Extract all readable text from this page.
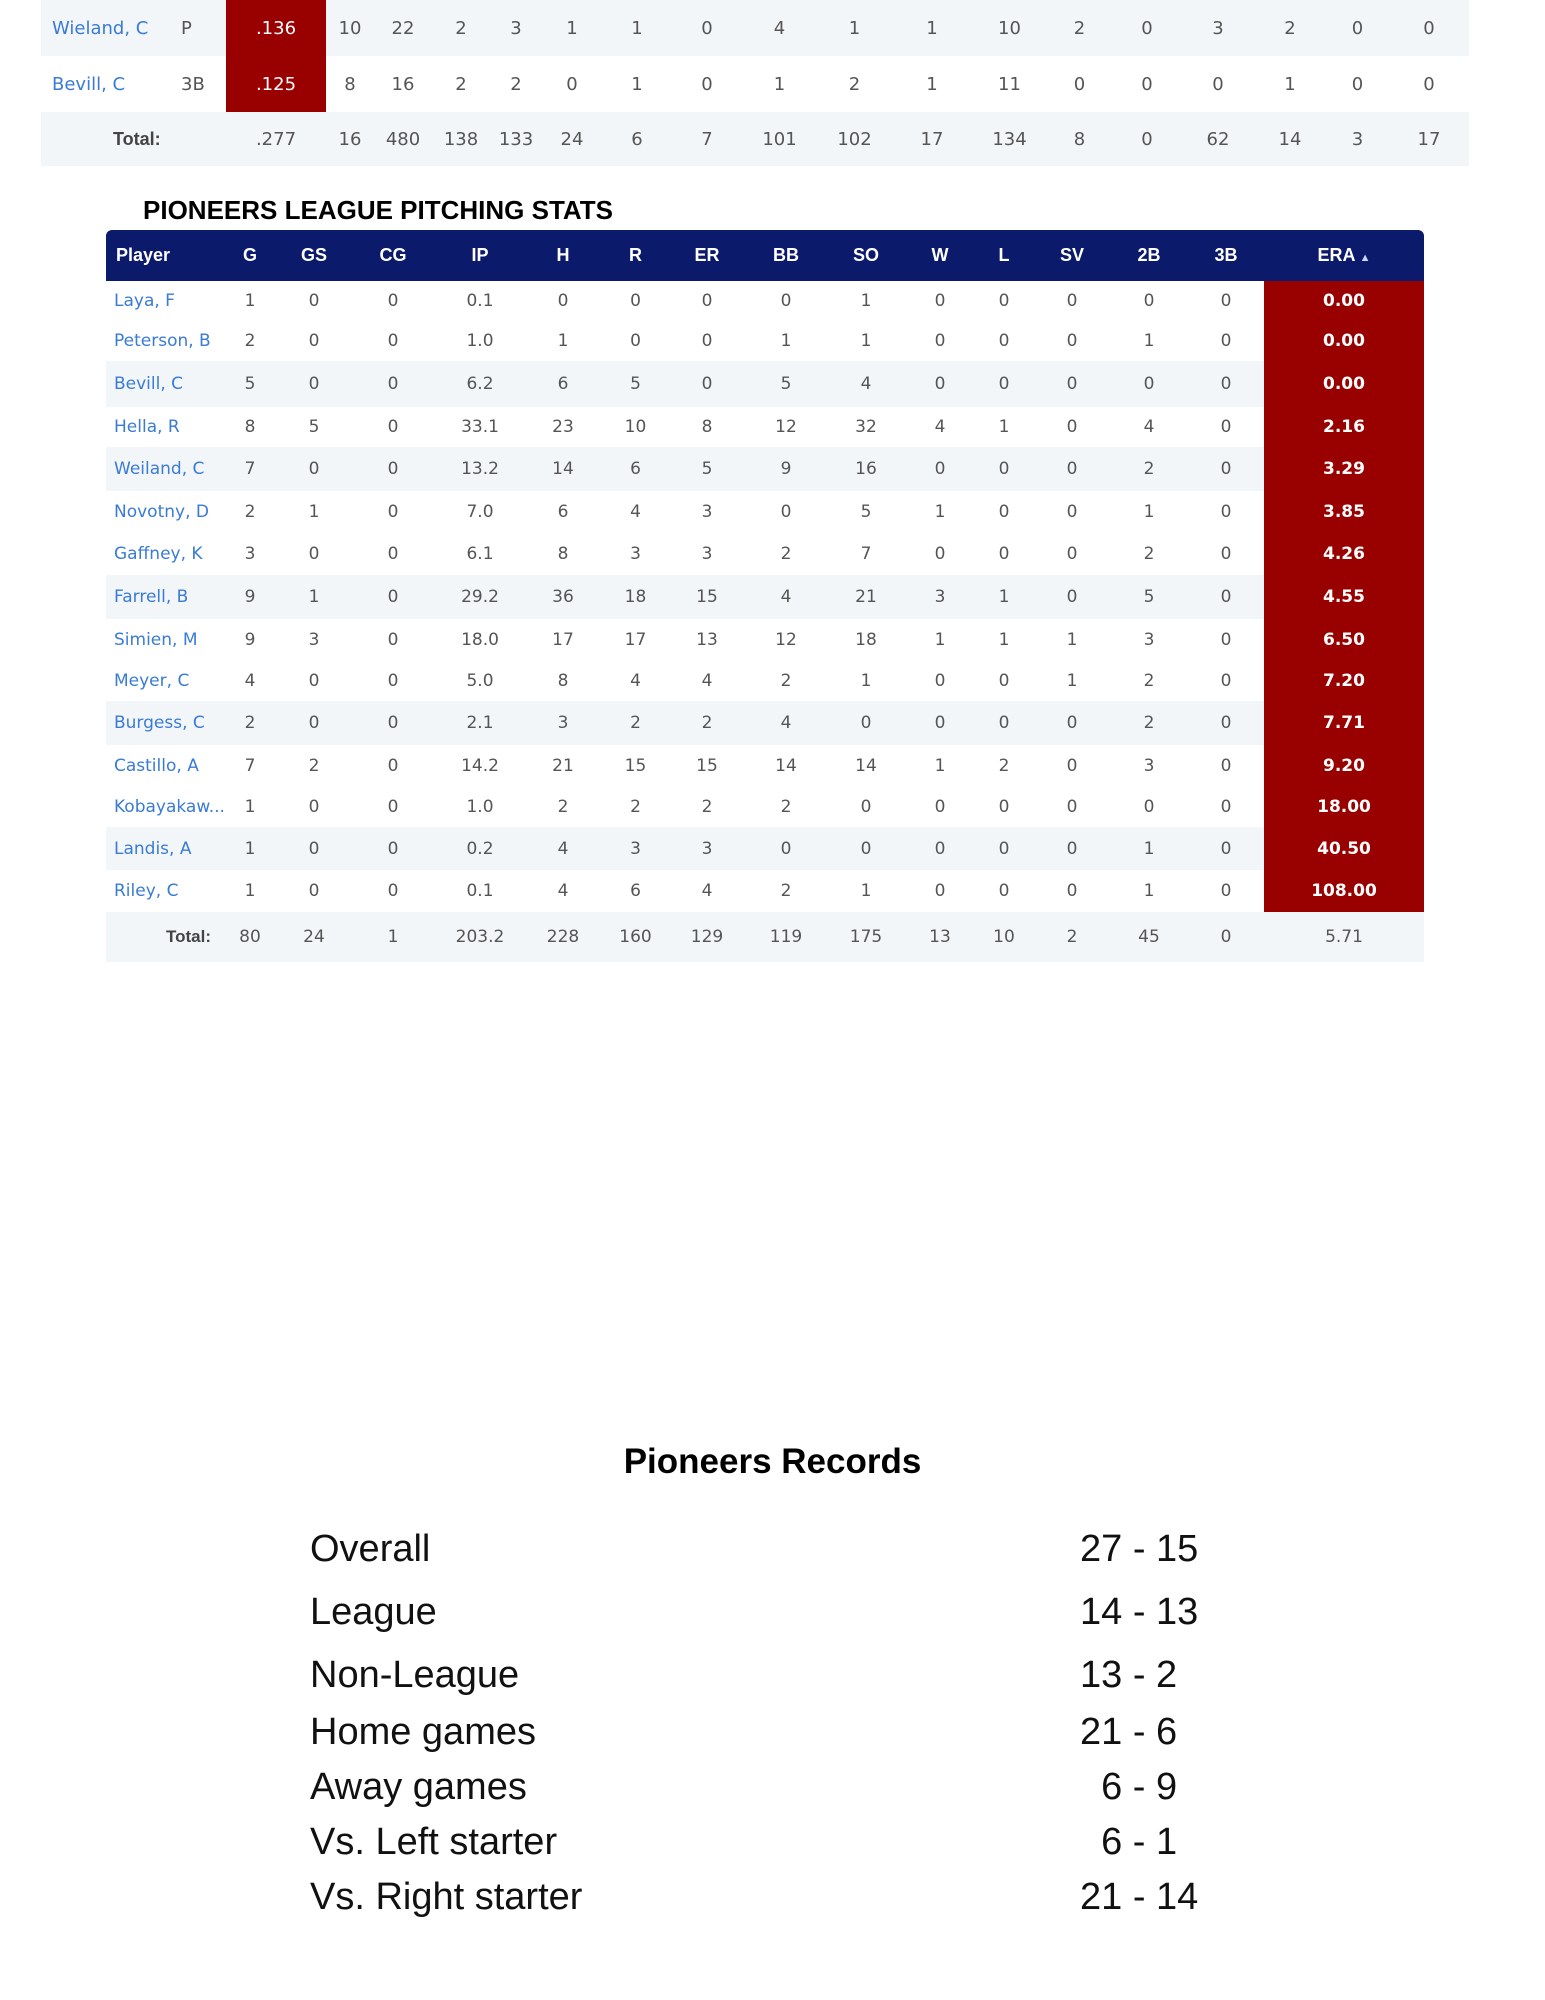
Wieland, C	P	.136	10	22	2	3	1	1	0	4	1	1	10	2	0	3	2	0	0
Bevill, C	3B	.125	8	16	2	2	0	1	0	1	2	1	11	0	0	0	1	0	0
Total:		.277	16	480	138	133	24	6	7	101	102	17	134	8	0	62	14	3	17
PIONEERS LEAGUE PITCHING STATS
Player	G	GS	CG	IP	H	R	ER	BB	SO	W	L	SV	2B	3B	ERA ▲
Laya, F	1	0	0	0.1	0	0	0	0	1	0	0	0	0	0	0.00
Peterson, B	2	0	0	1.0	1	0	0	1	1	0	0	0	1	0	0.00
Bevill, C	5	0	0	6.2	6	5	0	5	4	0	0	0	0	0	0.00
Hella, R	8	5	0	33.1	23	10	8	12	32	4	1	0	4	0	2.16
Weiland, C	7	0	0	13.2	14	6	5	9	16	0	0	0	2	0	3.29
Novotny, D	2	1	0	7.0	6	4	3	0	5	1	0	0	1	0	3.85
Gaffney, K	3	0	0	6.1	8	3	3	2	7	0	0	0	2	0	4.26
Farrell, B	9	1	0	29.2	36	18	15	4	21	3	1	0	5	0	4.55
Simien, M	9	3	0	18.0	17	17	13	12	18	1	1	1	3	0	6.50
Meyer, C	4	0	0	5.0	8	4	4	2	1	0	0	1	2	0	7.20
Burgess, C	2	0	0	2.1	3	2	2	4	0	0	0	0	2	0	7.71
Castillo, A	7	2	0	14.2	21	15	15	14	14	1	2	0	3	0	9.20
Kobayakaw...	1	0	0	1.0	2	2	2	2	0	0	0	0	0	0	18.00
Landis, A	1	0	0	0.2	4	3	3	0	0	0	0	0	1	0	40.50
Riley, C	1	0	0	0.1	4	6	4	2	1	0	0	0	1	0	108.00
Total:	80	24	1	203.2	228	160	129	119	175	13	10	2	45	0	5.71
Pioneers Records
Overall	27 - 15
League	14 - 13
Non-League	13 - 2
Home games	21 - 6
Away games	6 - 9
Vs. Left starter	6 - 1
Vs. Right starter	21 - 14
